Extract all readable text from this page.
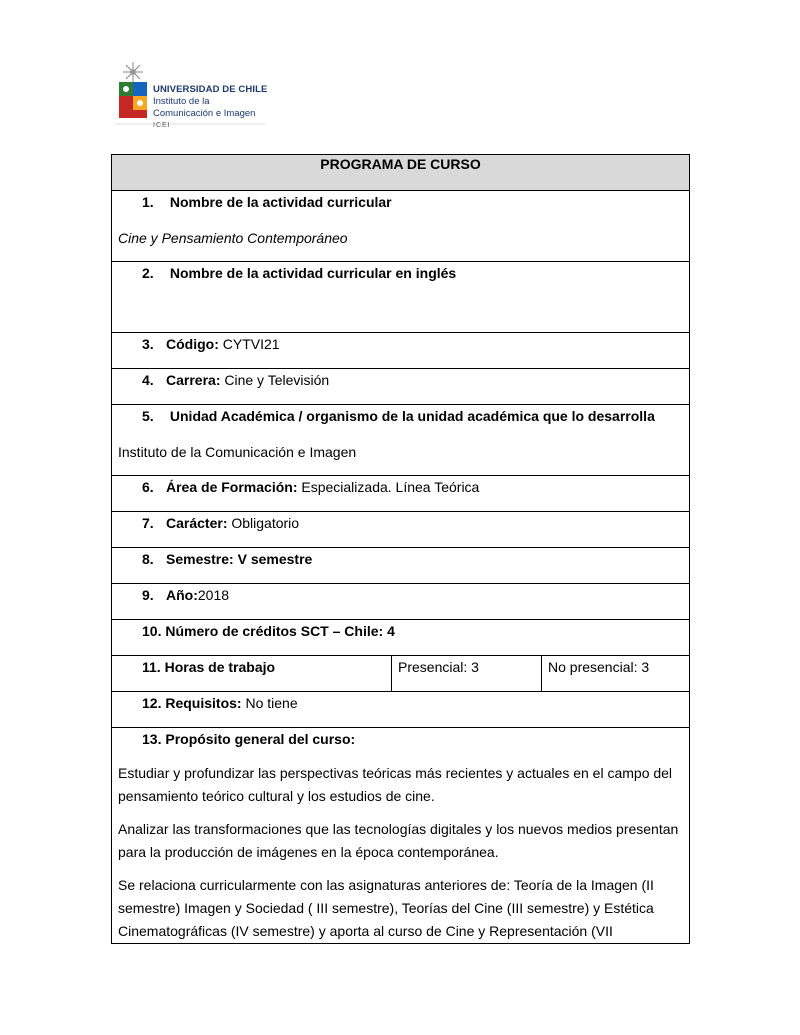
UNIVERSIDAD DE CHILE
Instituto de la
Comunicación e Imagen
ICEI
PROGRAMA DE CURSO

1. Nombre de la actividad curricular
Cine y Pensamiento Contemporáneo

2. Nombre de la actividad curricular en inglés

3. Código: CYTVI21

4. Carrera: Cine y Televisión

5. Unidad Académica / organismo de la unidad académica que lo desarrolla
Instituto de la Comunicación e Imagen

6. Área de Formación: Especializada. Línea Teórica

7. Carácter: Obligatorio

8. Semestre: V semestre

9. Año:2018

10. Número de créditos SCT – Chile: 4

11. Horas de trabajo	Presencial: 3	No presencial: 3

12. Requisitos: No tiene

13. Propósito general del curso:

Estudiar y profundizar las perspectivas teóricas más recientes y actuales en el campo del pensamiento teórico cultural y los estudios de cine.

Analizar las transformaciones que las tecnologías digitales y los nuevos medios presentan para la producción de imágenes en la época contemporánea.

Se relaciona curricularmente con las asignaturas anteriores de: Teoría de la Imagen (II semestre) Imagen y Sociedad ( III semestre), Teorías del Cine (III semestre) y Estética Cinematográficas (IV semestre) y aporta al curso de Cine y Representación (VII
